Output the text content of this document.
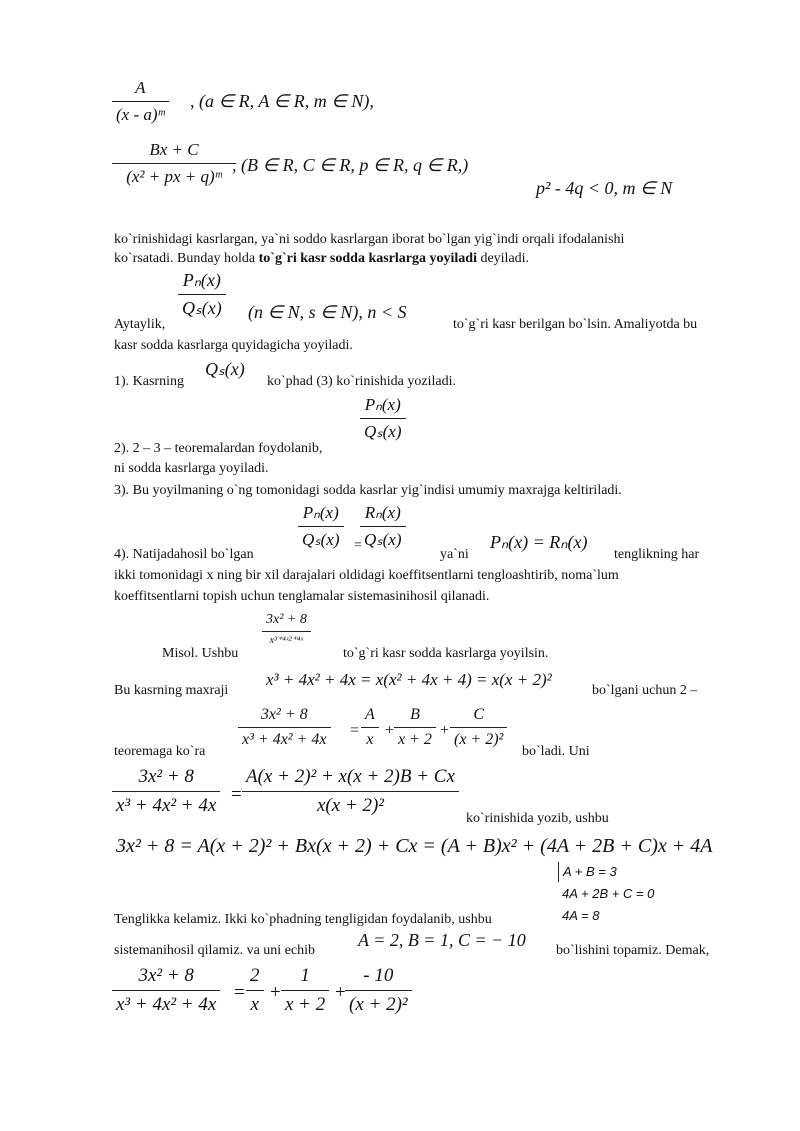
A
(x - a)ᵐ
, (a ∈ R, A ∈ R, m ∈ N),
Bx + C
(x² + px + q)ᵐ
, (B ∈ R, C ∈ R, p ∈ R, q ∈ R,)
p² - 4q < 0, m ∈ N
ko`rinishidagi kasrlargan, ya`ni soddo kasrlargan iborat bo`lgan yig`indi orqali ifodalanishi
ko`rsatadi. Bunday holda to`g`ri kasr sodda kasrlarga yoyiladi deyiladi.
Pₙ(x)
Qₛ(x) (n ∈ N, s ∈ N), n < S
Aytaylik,	to`g`ri kasr berilgan bo`lsin. Amaliyotda bu
kasr sodda kasrlarga quyidagicha yoyiladi.
1). Kasrning
Qₛ(x)
ko`phad (3) ko`rinishida yoziladi.
Pₙ(x)
Qₛ(x)
2). 2 – 3 – teoremalardan foydolanib,
ni sodda kasrlarga yoyiladi.
3). Bu yoyilmaning o`ng tomonidagi sodda kasrlar yig`indisi umumiy maxrajga keltiriladi.
Pₙ(x)
Qₛ(x) =
Rₙ(x)
Qₛ(x)
4). Natijadahosil bo`lgan	ya`ni
Pₙ(x) = Rₙ(x)
tenglikning har
ikki tomonidagi x ning bir xil darajalari oldidagi koeffitsentlarni tengloashtirib, noma`lum
koeffitsentlarni topish uchun tenglamalar sistemasinihosil qilanadi.
3x² + 8
x³⁺⁴ˣ²⁺⁴ˣ
Misol. Ushbu	to`g`ri kasr sodda kasrlarga yoyilsin.
Bu kasrning maxraji
x³ + 4x² + 4x = x(x² + 4x + 4) = x(x + 2)²
bo`lgani uchun 2 –
3x² + 8
x³ + 4x² + 4x
=
A
x
+
B
x + 2
+
C
(x + 2)²
teoremaga ko`ra	bo`ladi. Uni
3x² + 8
x³ + 4x² + 4x
=
A(x + 2)² + x(x + 2)B + Cx
x(x + 2)²
ko`rinishida yozib, ushbu
3x² + 8 = A(x + 2)² + Bx(x + 2) + Cx = (A + B)x² + (4A + 2B + C)x + 4A
A + B = 3
4A + 2B + C = 0
4A = 8
Tenglikka kelamiz. Ikki ko`phadning tengligidan foydalanib, ushbu
sistemanihosil qilamiz. va uni echib
A = 2, B = 1, C = − 10
bo`lishini topamiz. Demak,
3x² + 8
x³ + 4x² + 4x
=
2
x
+
1
x + 2
+
- 10
(x + 2)²
